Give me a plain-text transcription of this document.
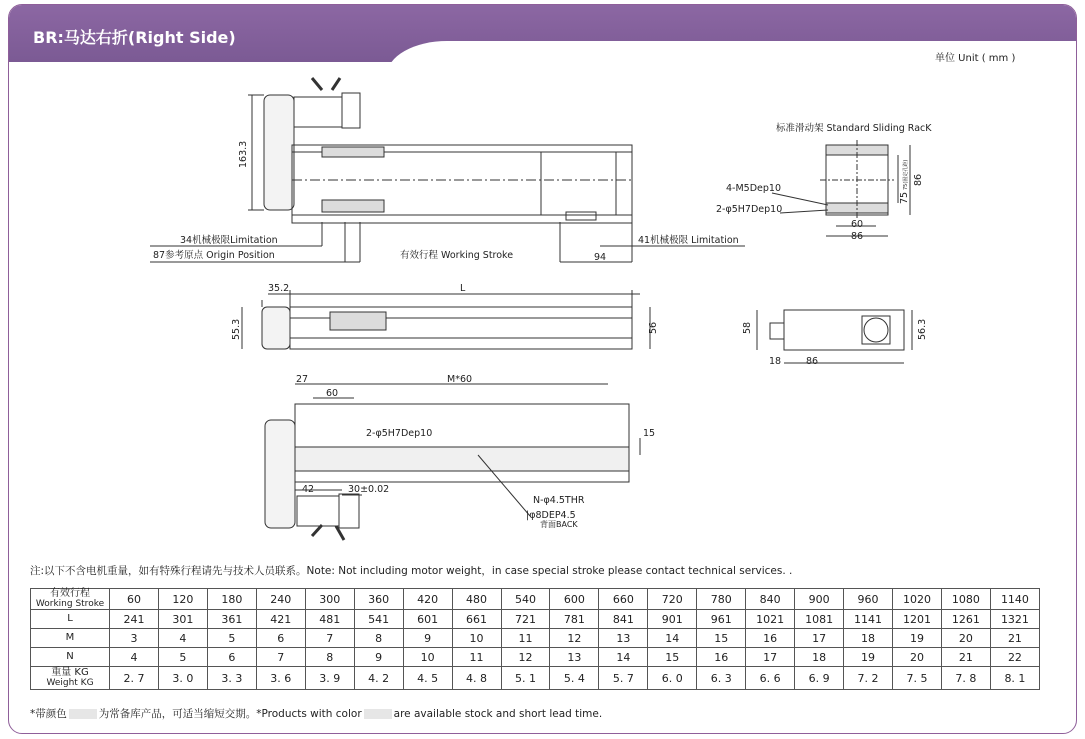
BR:马达右折(Right Side)
单位 Unit ( mm )
163.3
34机械极限Limitation
87参考原点 Origin Position	有效行程 Working Stroke
41机械极限 Limitation
94
35.2	L
55.3	56	58	56.3
18	86
标准滑动架 Standard Sliding RacK
4-M5Dep10
2-φ5H7Dep10
60
86
86
75
75(固定孔距)
27
60
M*60
2-φ5H7Dep10	15
42	30±0.02
N-φ4.5THR
|φ8DEP4.5
背面BACK
注:以下不含电机重量，如有特殊行程请先与技术人员联系。Note: Not including motor weight，in case special stroke please contact technical services. .
有效行程
Working Stroke	60	120	180	240	300	360	420	480	540	600	660	720	780	840	900	960	1020	1080	1140
L	241	301	361	421	481	541	601	661	721	781	841	901	961	1021	1081	1141	1201	1261	1321
M	3	4	5	6	7	8	9	10	11	12	13	14	15	16	17	18	19	20	21
N	4	5	6	7	8	9	10	11	12	13	14	15	16	17	18	19	20	21	22

重量 KG
Weight KG	2. 7	3. 0	3. 3	3. 6	3. 9	4. 2	4. 5	4. 8	5. 1	5. 4	5. 7	6. 0	6. 3	6. 6	6. 9	7. 2	7. 5	7. 8	8. 1
*带颜色	为常备库产品，可适当缩短交期。*Products with color	are available stock and short lead time.
